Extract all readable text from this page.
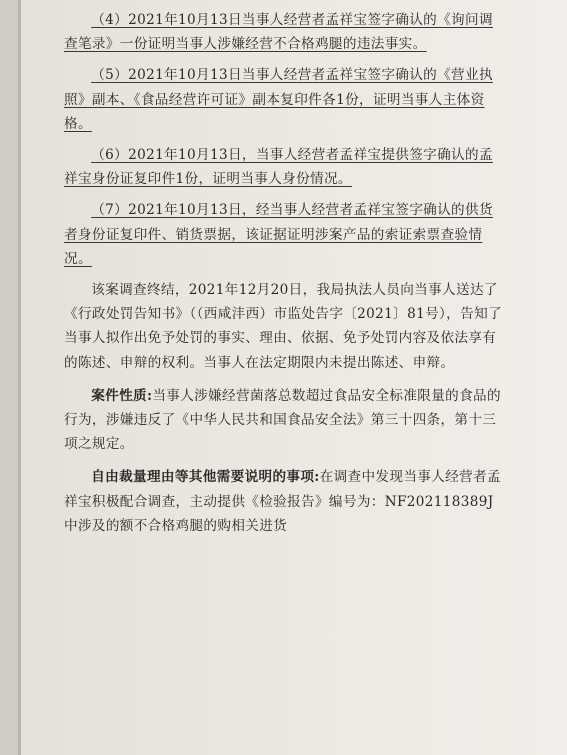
（4）2021年10月13日当事人经营者孟祥宝签字确认的《询问调查笔录》一份证明当事人涉嫌经营不合格鸡腿的违法事实。

（5）2021年10月13日当事人经营者孟祥宝签字确认的《营业执照》副本、《食品经营许可证》副本复印件各1份，证明当事人主体资格。

（6）2021年10月13日，当事人经营者孟祥宝提供签字确认的孟祥宝身份证复印件1份，证明当事人身份情况。

（7）2021年10月13日，经当事人经营者孟祥宝签字确认的供货者身份证复印件、销货票据，该证据证明涉案产品的索证索票查验情况。

该案调查终结，2021年12月20日，我局执法人员向当事人送达了《行政处罚告知书》（（西咸沣西）市监处告字〔2021〕81号），告知了当事人拟作出免予处罚的事实、理由、依据、免予处罚内容及依法享有的陈述、申辩的权利。当事人在法定期限内未提出陈述、申辩。

案件性质:当事人涉嫌经营菌落总数超过食品安全标准限量的食品的行为，涉嫌违反了《中华人民共和国食品安全法》第三十四条，第十三项之规定。

自由裁量理由等其他需要说明的事项:在调查中发现当事人经营者孟祥宝积极配合调查，主动提供《检验报告》编号为：NF202118389J 中涉及的额不合格鸡腿的购相关进货
